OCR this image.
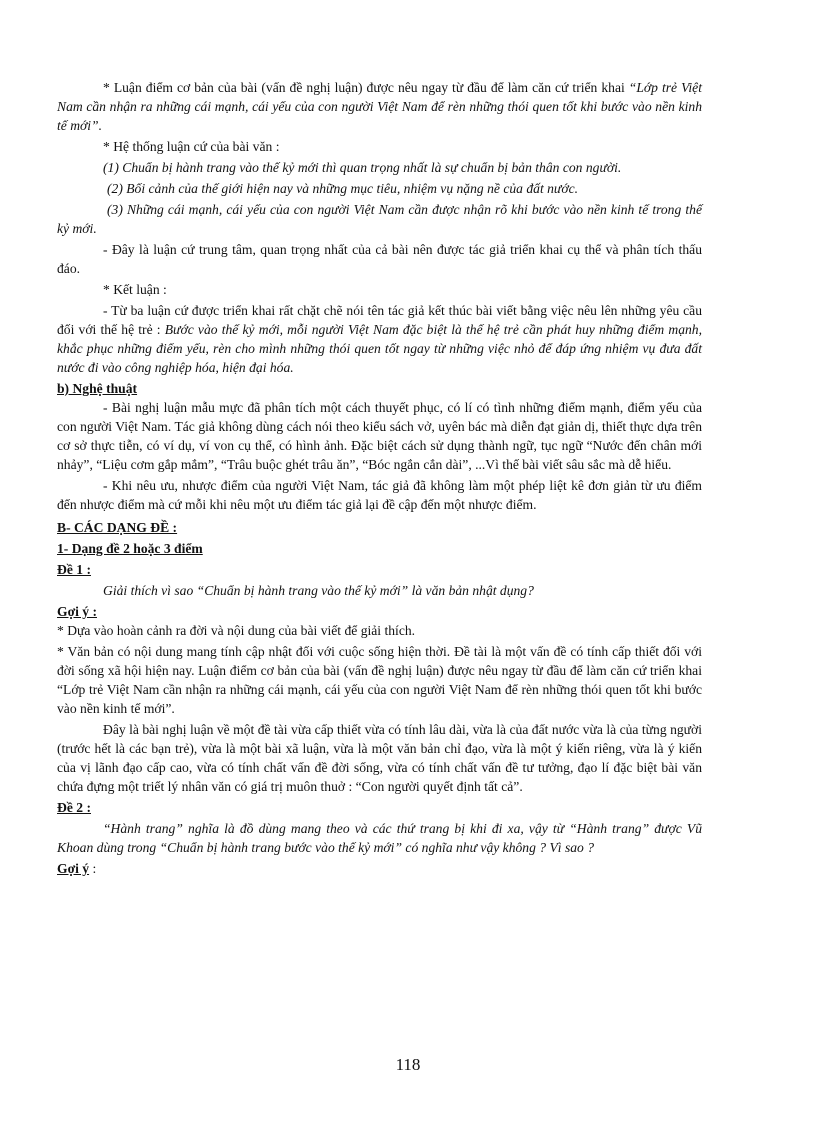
* Luận điểm cơ bản của bài (vấn đề nghị luận) được nêu ngay từ đầu để làm căn cứ triển khai “Lớp trẻ Việt Nam cần nhận ra những cái mạnh, cái yếu của con người Việt Nam để rèn những thói quen tốt khi bước vào nền kinh tế mới”.

* Hệ thống luận cứ của bài văn :

(1) Chuẩn bị hành trang vào thế kỷ mới thì quan trọng nhất là sự chuẩn bị bản thân con người.

(2) Bối cảnh của thế giới hiện nay và những mục tiêu, nhiệm vụ nặng nề của đất nước.

(3) Những cái mạnh, cái yếu của con người Việt Nam cần được nhận rõ khi bước vào nền kinh tế trong thế kỷ mới.

- Đây là luận cứ trung tâm, quan trọng nhất của cả bài nên được tác giả triển khai cụ thể và phân tích thấu đáo.

* Kết luận :

- Từ ba luận cứ được triển khai rất chặt chẽ nói tên tác giả kết thúc bài viết bằng việc nêu lên những yêu cầu đối với thế hệ trẻ : Bước vào thế kỷ mới, mỗi người Việt Nam đặc biệt là thế hệ trẻ cần phát huy những điểm mạnh, khắc phục những điểm yếu, rèn cho mình những thói quen tốt ngay từ những việc nhỏ để đáp ứng nhiệm vụ đưa đất nước đi vào công nghiệp hóa, hiện đại hóa.

b) Nghệ thuật

- Bài nghị luận mẫu mực đã phân tích một cách thuyết phục, có lí có tình những điểm mạnh, điểm yếu của con người Việt Nam. Tác giả không dùng cách nói theo kiểu sách vở, uyên bác mà diễn đạt giản dị, thiết thực dựa trên cơ sở thực tiễn, có ví dụ, ví von cụ thể, có hình ảnh. Đặc biệt cách sử dụng thành ngữ, tục ngữ “Nước đến chân mới nhảy”, “Liệu cơm gắp mắm”, “Trâu buộc ghét trâu ăn”, “Bóc ngắn cắn dài”, ...Vì thế bài viết sâu sắc mà dễ hiểu.

- Khi nêu ưu, nhược điểm của người Việt Nam, tác giả đã không làm một phép liệt kê đơn giản từ ưu điểm đến nhược điểm mà cứ mỗi khi nêu một ưu điểm tác giả lại đề cập đến một nhược điểm.

B- CÁC DẠNG ĐỀ :

1- Dạng đề 2 hoặc 3 điểm

Đề 1 :

Giải thích vì sao “Chuẩn bị hành trang vào thế kỷ mới” là văn bản nhật dụng?

Gợi ý :

* Dựa vào hoàn cảnh ra đời và nội dung của bài viết để giải thích.

* Văn bản có nội dung mang tính cập nhật đối với cuộc sống hiện thời. Đề tài là một vấn đề có tính cấp thiết đối với đời sống xã hội hiện nay. Luận điểm cơ bản của bài (vấn đề nghị luận) được nêu ngay từ đầu để làm căn cứ triển khai “Lớp trẻ Việt Nam cần nhận ra những cái mạnh, cái yếu của con người Việt Nam để rèn những thói quen tốt khi bước vào nền kinh tế mới”.

Đây là bài nghị luận về một đề tài vừa cấp thiết vừa có tính lâu dài, vừa là của đất nước vừa là của từng người (trước hết là các bạn trẻ), vừa là một bài xã luận, vừa là một văn bản chỉ đạo, vừa là một ý kiến riêng, vừa là ý kiến của vị lãnh đạo cấp cao, vừa có tính chất vấn đề đời sống, vừa có tính chất vấn đề tư tưởng, đạo lí đặc biệt bài văn chứa đựng một triết lý nhân văn có giá trị muôn thuở : “Con người quyết định tất cả”.

Đề 2 :

“Hành trang” nghĩa là đồ dùng mang theo và các thứ trang bị khi đi xa, vậy từ “Hành trang” được Vũ Khoan dùng trong “Chuẩn bị hành trang bước vào thế kỷ mới” có nghĩa như vậy không ? Vì sao ?

Gợi ý :

118
